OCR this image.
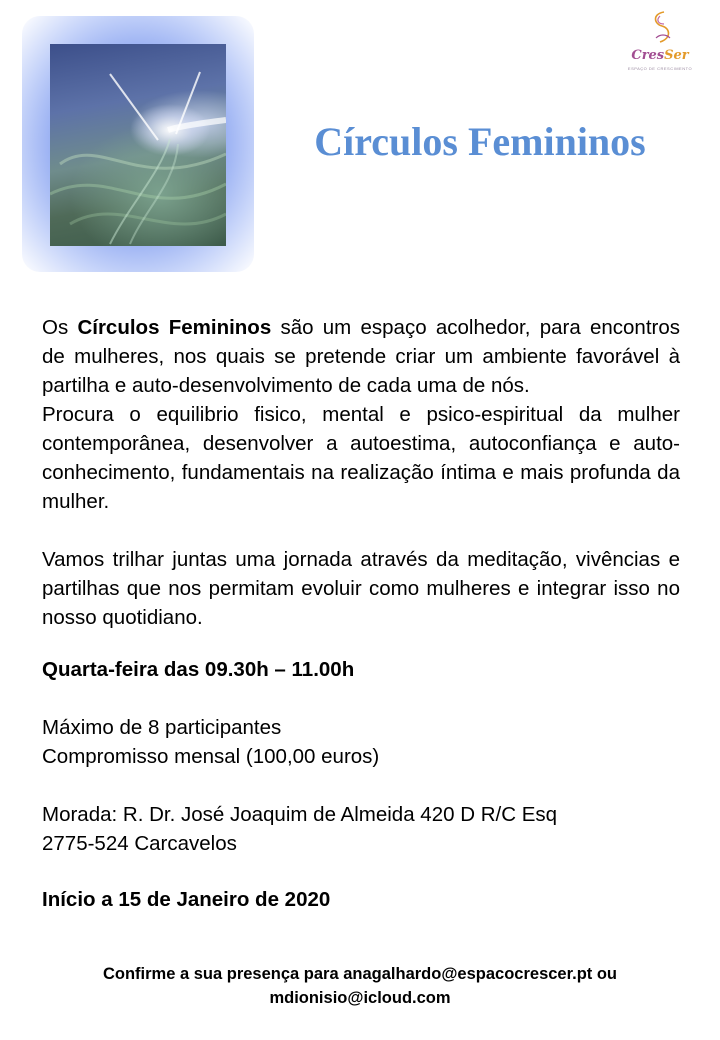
CresSer
ESPAÇO DE CRESCIMENTO
Círculos Femininos

Os Círculos Femininos são um espaço acolhedor, para encontros de mulheres, nos quais se pretende criar um ambiente favorável à partilha e auto-desenvolvimento de cada uma de nós.

Procura o equilibrio fisico, mental e psico-espiritual da mulher contemporânea, desenvolver a autoestima, autoconfiança e auto-conhecimento, fundamentais na realização íntima e mais profunda da mulher.

Vamos trilhar juntas uma jornada através da meditação, vivências e partilhas que nos permitam evoluir como mulheres e integrar isso no nosso quotidiano.

Quarta-feira das 09.30h – 11.00h

Máximo de 8 participantes

Compromisso mensal (100,00 euros)

Morada: R. Dr. José Joaquim de Almeida 420 D R/C Esq

2775-524 Carcavelos

Início a 15 de Janeiro de 2020

Confirme a sua presença para anagalhardo@espacocrescer.pt ou
mdionisio@icloud.com
